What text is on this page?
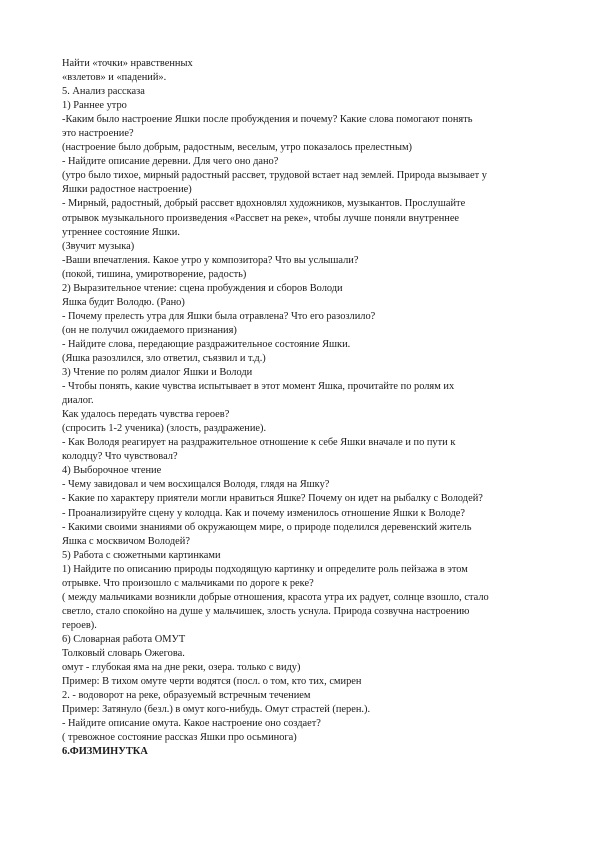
Найти «точки» нравственных
«взлетов» и «падений».
5. Анализ рассказа
1) Раннее утро
-Каким было настроение Яшки после пробуждения и почему? Какие слова помогают понять
это настроение?
(настроение было добрым, радостным, веселым, утро показалось прелестным)
- Найдите описание деревни. Для чего оно дано?
(утро было тихое, мирный радостный рассвет, трудовой встает над землей. Природа вызывает у
Яшки радостное настроение)
- Мирный, радостный, добрый рассвет вдохновлял художников, музыкантов. Прослушайте
отрывок музыкального произведения «Рассвет на реке», чтобы лучше поняли внутреннее
утреннее состояние Яшки.
(Звучит музыка)
-Ваши впечатления. Какое утро у композитора? Что вы услышали?
(покой, тишина, умиротворение, радость)
2) Выразительное чтение: сцена пробуждения и сборов Володи
Яшка будит Володю. (Рано)
- Почему прелесть утра для Яшки была отравлена? Что его разозлило?
(он не получил ожидаемого признания)
- Найдите слова, передающие раздражительное состояние Яшки.
(Яшка разозлился, зло ответил, съязвил и т.д.)
3) Чтение по ролям диалог Яшки и Володи
- Чтобы понять, какие чувства испытывает в этот момент Яшка, прочитайте по ролям их
диалог.
Как удалось передать чувства героев?
(спросить 1-2 ученика) (злость, раздражение).
- Как Володя реагирует на раздражительное отношение к себе Яшки вначале и по пути к
колодцу? Что чувствовал?
4) Выборочное чтение
- Чему завидовал и чем восхищался Володя, глядя на Яшку?
- Какие по характеру приятели могли нравиться Яшке? Почему он идет на рыбалку с Володей?
- Проанализируйте сцену у колодца. Как и почему изменилось отношение Яшки к Володе?
- Какими своими знаниями об окружающем мире, о природе поделился деревенский житель
Яшка с москвичом Володей?
5) Работа с сюжетными картинками
1) Найдите по описанию природы подходящую картинку и определите роль пейзажа в этом
отрывке. Что произошло с мальчиками по дороге к реке?
( между мальчиками возникли добрые отношения, красота утра их радует, солнце взошло, стало
светло, стало спокойно на душе у мальчишек, злость уснула. Природа созвучна настроению
героев).
6) Словарная работа ОМУТ
Толковый словарь Ожегова.
омут - глубокая яма на дне реки, озера. только с виду)
Пример: В тихом омуте черти водятся (посл. о том, кто тих, смирен
2. - водоворот на реке, образуемый встречным течением
Пример: Затянуло (безл.) в омут кого-нибудь. Омут страстей (перен.).
- Найдите описание омута. Какое настроение оно создает?
( тревожное состояние рассказ Яшки про осьминога)
6.ФИЗМИНУТКА
